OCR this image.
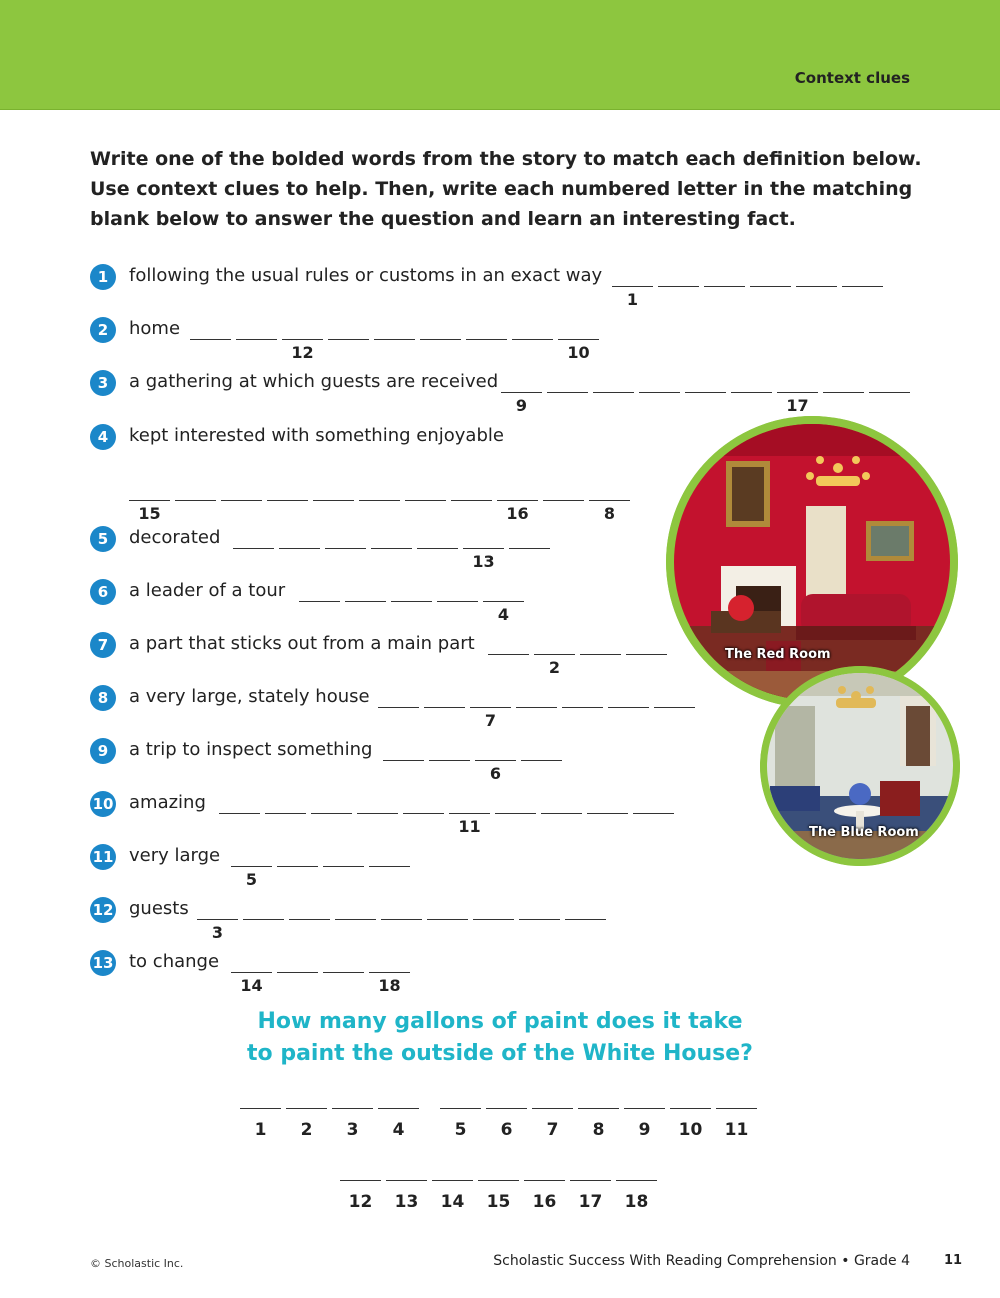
Context clues
Write one of the bolded words from the story to match each definition below.
Use context clues to help. Then, write each numbered letter in the matching
blank below to answer the question and learn an interesting fact.
1	following the usual rules or customs in an exact way
1
2	home
12	10
3	a gathering at which guests are received
9	17
4	kept interested with something enjoyable
15	16	8
5	decorated
13
6	a leader of a tour
4
7	a part that sticks out from a main part
2
8	a very large, stately house
7
9	a trip to inspect something
6
10 amazing
11
11 very large
5
12 guests
3
13 to change
14	18
The Red Room
The Blue Room
How many gallons of paint does it take
to paint the outside of the White House?
1	2	3	4	5	6	7	8	9	10	11
12	13	14	15	16	17	18
© Scholastic Inc.	Scholastic Success With Reading Comprehension • Grade 4	11
